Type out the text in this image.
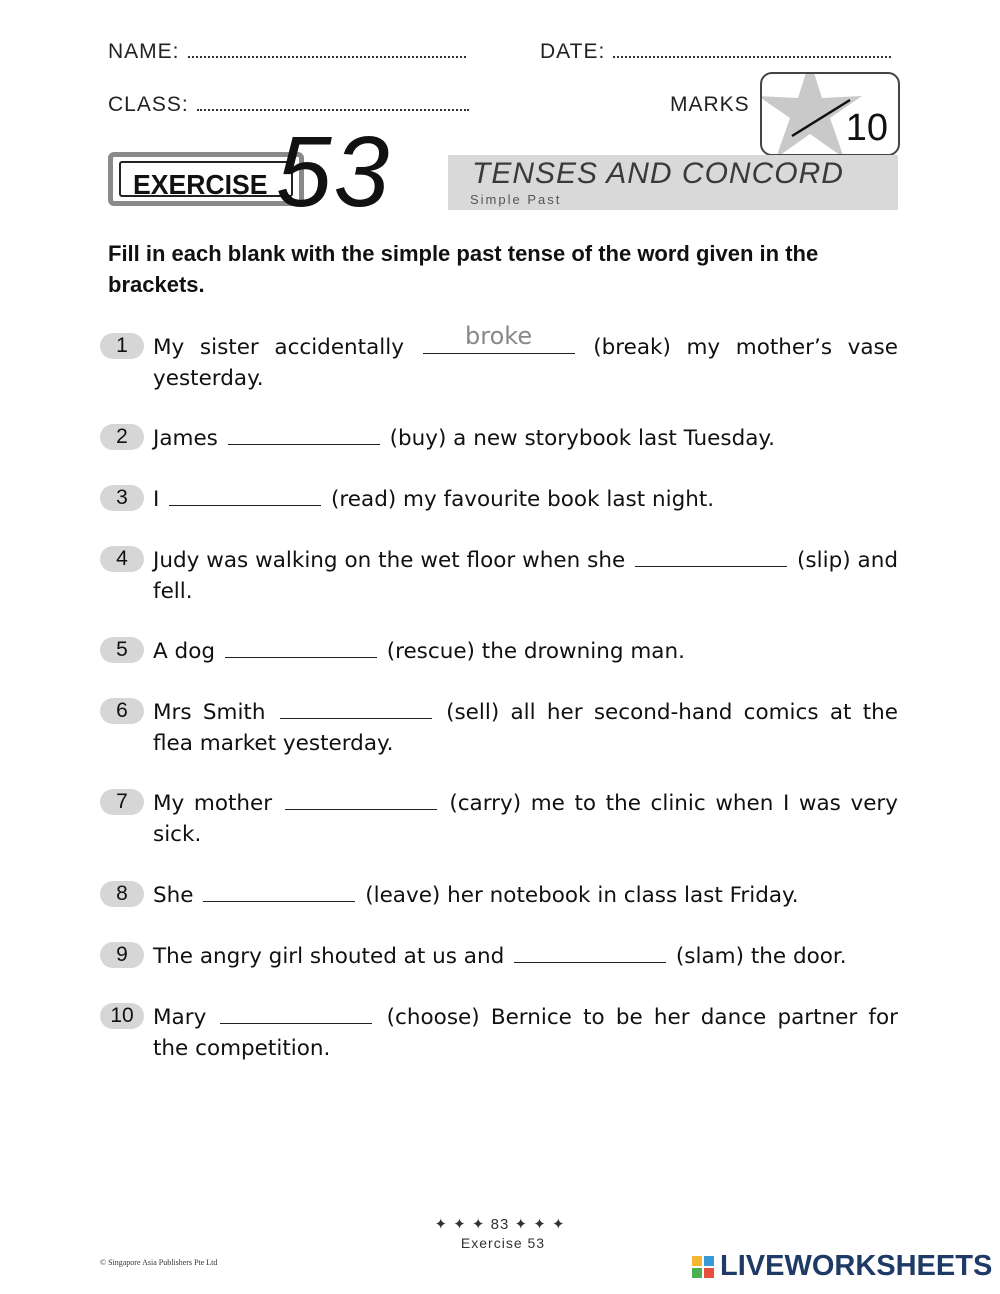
NAME:	DATE:
CLASS:	MARKS
10
EXERCISE 53	TENSES AND CONCORD
Simple Past
Fill in each blank with the simple past tense of the word given in the brackets.
1	My sister accidentally	broke	(break) my mother’s vase yesterday.
2	James	(buy) a new storybook last Tuesday.
3	I	(read) my favourite book last night.
4	Judy was walking on the wet floor when she	(slip) and fell.
5	A dog	(rescue) the drowning man.
6	Mrs Smith	(sell) all her second-hand comics at the flea market yesterday.
7	My mother	(carry) me to the clinic when I was very sick.
8	She	(leave) her notebook in class last Friday.
9	The angry girl shouted at us and	(slam) the door.
10 Mary	(choose) Bernice to be her dance partner for the competition.
✦ ✦ ✦ 83 ✦ ✦ ✦
Exercise 53
© Singapore Asia Publishers Pte Ltd	LIVEWORKSHEETS
